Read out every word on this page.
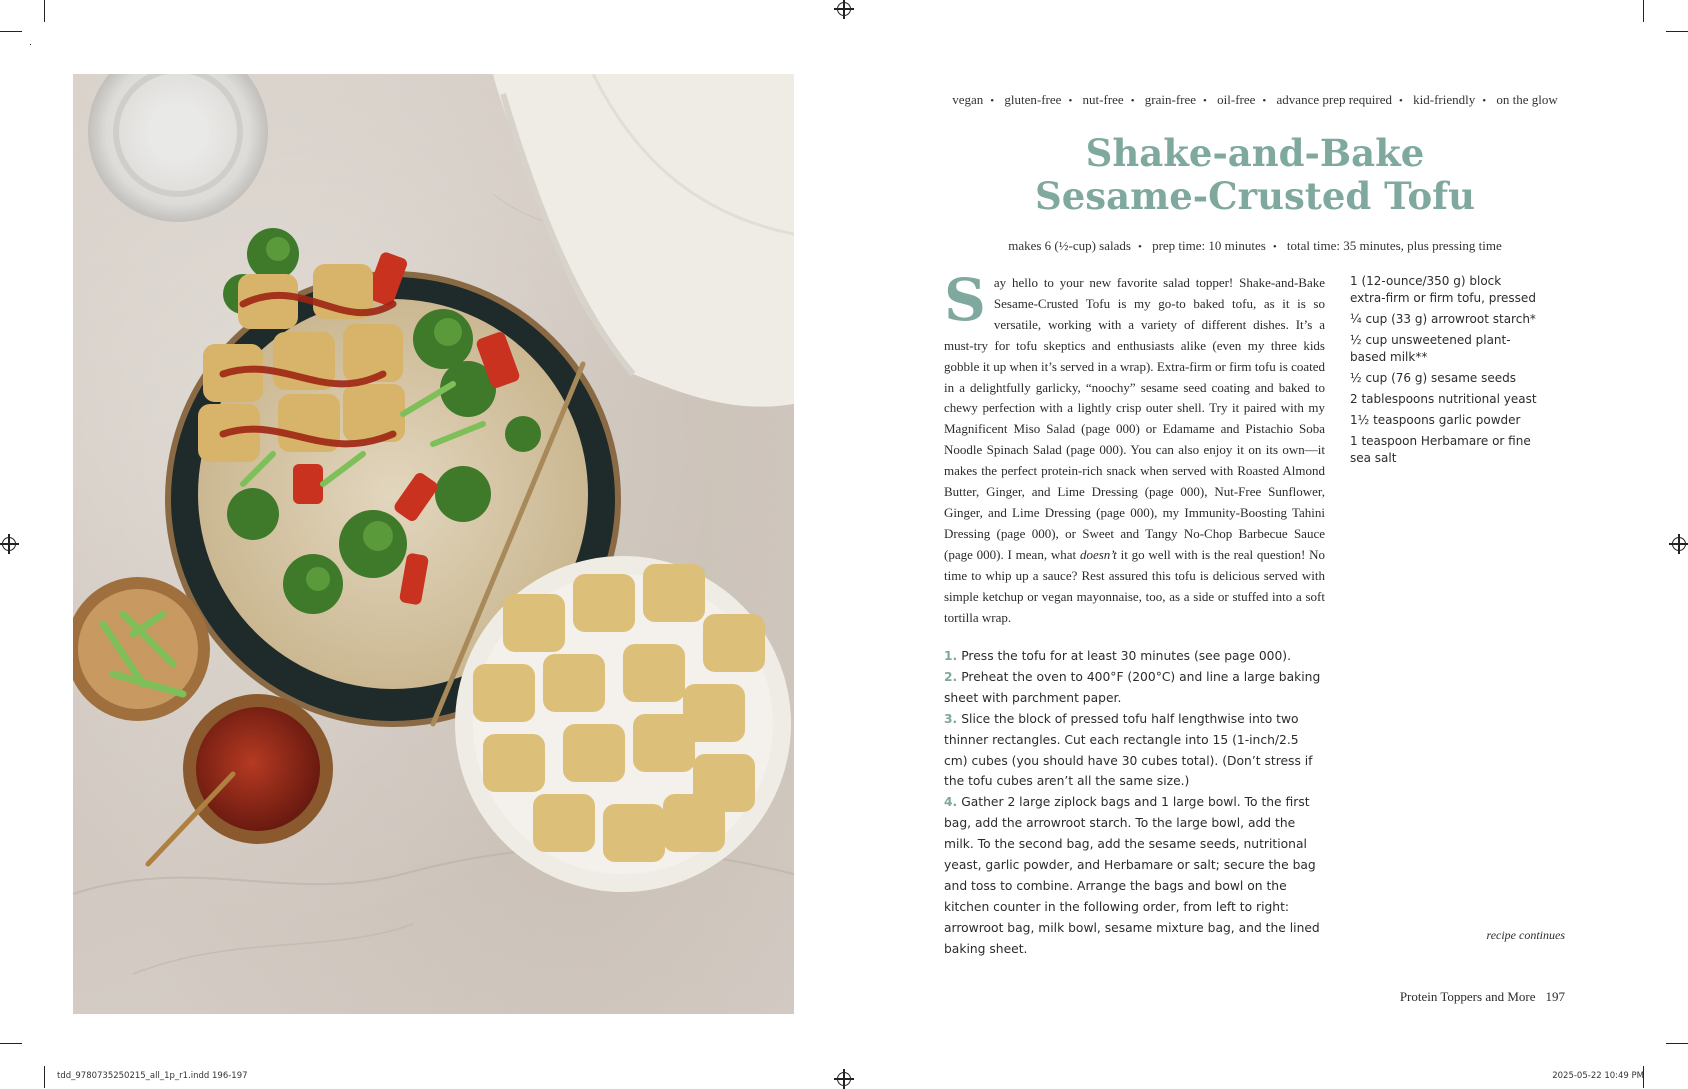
vegan • gluten-free • nut-free • grain-free • oil-free • advance prep required • kid-friendly • on the glow
Shake-and-Bake
Sesame-Crusted Tofu
makes 6 (½-cup) salads • prep time: 10 minutes • total time: 35 minutes, plus pressing time
Say hello to your new favorite salad topper! Shake-and-Bake Sesame-Crusted Tofu is my go-to baked tofu, as it is so versatile, working with a variety of different dishes. It’s a must-try for tofu skeptics and enthusiasts alike (even my three kids gobble it up when it’s served in a wrap). Extra-firm or firm tofu is coated in a delightfully garlicky, “noochy” sesame seed coating and baked to chewy perfection with a lightly crisp outer shell. Try it paired with my Magnificent Miso Salad (page 000) or Edamame and Pistachio Soba Noodle Spinach Salad (page 000). You can also enjoy it on its own—it makes the perfect protein-rich snack when served with Roasted Almond Butter, Ginger, and Lime Dressing (page 000), Nut-Free Sunflower, Ginger, and Lime Dressing (page 000), my Immunity-Boosting Tahini Dressing (page 000), or Sweet and Tangy No-Chop Barbecue Sauce (page 000). I mean, what doesn’t it go well with is the real question! No time to whip up a sauce? Rest assured this tofu is delicious served with simple ketchup or vegan mayonnaise, too, as a side or stuffed into a soft tortilla wrap.
1 (12-ounce/350 g) block extra-firm or firm tofu, pressed
¼ cup (33 g) arrowroot starch*
½ cup unsweetened plant-based milk**
½ cup (76 g) sesame seeds
2 tablespoons nutritional yeast
1½ teaspoons garlic powder
1 teaspoon Herbamare or fine sea salt
1. Press the tofu for at least 30 minutes (see page 000).
2. Preheat the oven to 400°F (200°C) and line a large baking sheet with parchment paper.
3. Slice the block of pressed tofu half lengthwise into two thinner rectangles. Cut each rectangle into 15 (1-inch/2.5 cm) cubes (you should have 30 cubes total). (Don’t stress if the tofu cubes aren’t all the same size.)
4. Gather 2 large ziplock bags and 1 large bowl. To the first bag, add the arrowroot starch. To the large bowl, add the milk. To the second bag, add the sesame seeds, nutritional yeast, garlic powder, and Herbamare or salt; secure the bag and toss to combine. Arrange the bags and bowl on the kitchen counter in the following order, from left to right: arrowroot bag, milk bowl, sesame mixture bag, and the lined baking sheet.
recipe continues
Protein Toppers and More 197
tdd_9780735250215_all_1p_r1.indd 196-197	2025-05-22 10:49 PM
